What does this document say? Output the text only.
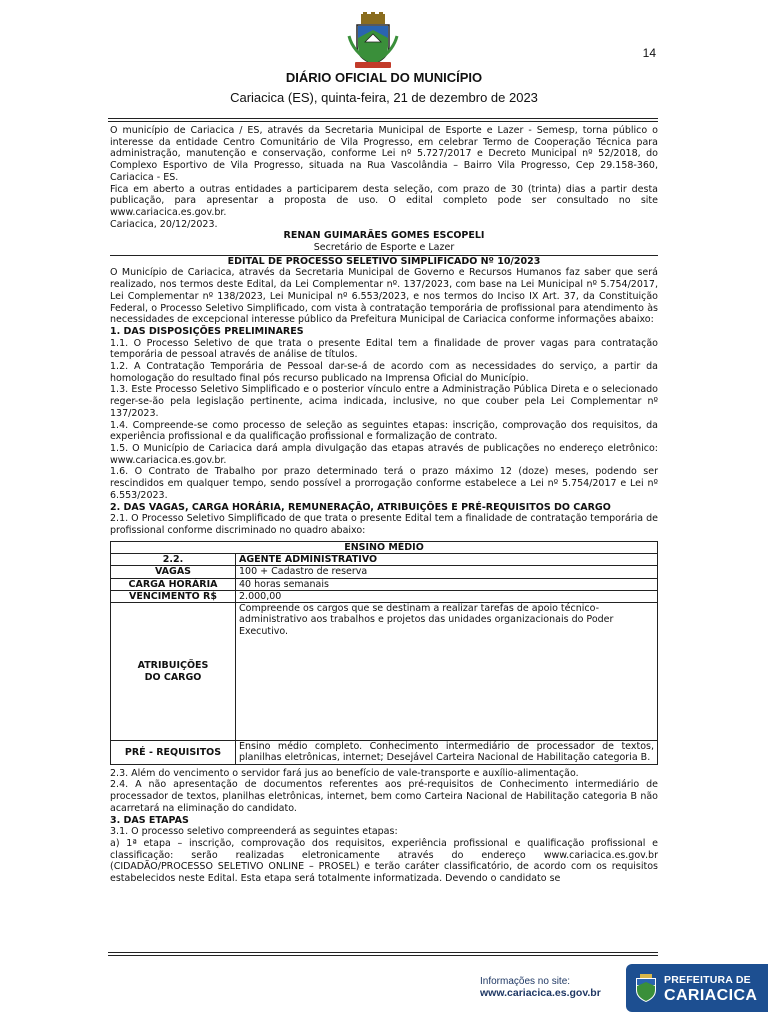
14
DIÁRIO OFICIAL DO MUNICÍPIO
Cariacica (ES), quinta-feira, 21 de dezembro de 2023

O município de Cariacica / ES, através da Secretaria Municipal de Esporte e Lazer - Semesp, torna público o interesse da entidade Centro Comunitário de Vila Progresso, em celebrar Termo de Cooperação Técnica para administração, manutenção e conservação, conforme Lei nº 5.727/2017 e Decreto Municipal nº 52/2018, do Complexo Esportivo de Vila Progresso, situada na Rua Vascolândia – Bairro Vila Progresso, Cep 29.158-360, Cariacica - ES.

Fica em aberto a outras entidades a participarem desta seleção, com prazo de 30 (trinta) dias a partir desta publicação, para apresentar a proposta de uso. O edital completo pode ser consultado no site www.cariacica.es.gov.br.

Cariacica, 20/12/2023.

RENAN GUIMARÃES GOMES ESCOPELI

Secretário de Esporte e Lazer

EDITAL DE PROCESSO SELETIVO SIMPLIFICADO Nº 10/2023

O Município de Cariacica, através da Secretaria Municipal de Governo e Recursos Humanos faz saber que será realizado, nos termos deste Edital, da Lei Complementar nº. 137/2023, com base na Lei Municipal nº 5.754/2017, Lei Complementar nº 138/2023, Lei Municipal nº 6.553/2023, e nos termos do Inciso IX Art. 37, da Constituição Federal, o Processo Seletivo Simplificado, com vista à contratação temporária de profissional para atendimento às necessidades de excepcional interesse público da Prefeitura Municipal de Cariacica conforme informações abaixo:

1. DAS DISPOSIÇÕES PRELIMINARES

1.1. O Processo Seletivo de que trata o presente Edital tem a finalidade de prover vagas para contratação temporária de pessoal através de análise de títulos.

1.2. A Contratação Temporária de Pessoal dar-se-á de acordo com as necessidades do serviço, a partir da homologação do resultado final pós recurso publicado na Imprensa Oficial do Município.

1.3. Este Processo Seletivo Simplificado e o posterior vínculo entre a Administração Pública Direta e o selecionado reger-se-ão pela legislação pertinente, acima indicada, inclusive, no que couber pela Lei Complementar nº 137/2023.

1.4. Compreende-se como processo de seleção as seguintes etapas: inscrição, comprovação dos requisitos, da experiência profissional e da qualificação profissional e formalização de contrato.

1.5. O Município de Cariacica dará ampla divulgação das etapas através de publicações no endereço eletrônico: www.cariacica.es.gov.br.

1.6. O Contrato de Trabalho por prazo determinado terá o prazo máximo 12 (doze) meses, podendo ser rescindidos em qualquer tempo, sendo possível a prorrogação conforme estabelece a Lei nº 5.754/2017 e Lei nº 6.553/2023.

2. DAS VAGAS, CARGA HORÁRIA, REMUNERAÇÃO, ATRIBUIÇÕES E PRÉ-REQUISITOS DO CARGO

2.1. O Processo Seletivo Simplificado de que trata o presente Edital tem a finalidade de contratação temporária de profissional conforme discriminado no quadro abaixo:

ENSINO MÉDIO	
2.2.	AGENTE ADMINISTRATIVO
VAGAS	100 + Cadastro de reserva
CARGA HORÁRIA	40 horas semanais
VENCIMENTO R$	2.000,00

ATRIBUIÇÕES
DO CARGO	Compreende os cargos que se destinam a realizar tarefas de apoio técnico-administrativo aos trabalhos e projetos das unidades organizacionais do Poder Executivo.
PRÉ - REQUISITOS	Ensino médio completo. Conhecimento intermediário de processador de textos, planilhas eletrônicas, internet; Desejável Carteira Nacional de Habilitação categoria B.

2.3. Além do vencimento o servidor fará jus ao benefício de vale-transporte e auxílio-alimentação.

2.4. A não apresentação de documentos referentes aos pré-requisitos de Conhecimento intermediário de processador de textos, planilhas eletrônicas, internet, bem como Carteira Nacional de Habilitação categoria B não acarretará na eliminação do candidato.

3. DAS ETAPAS

3.1. O processo seletivo compreenderá as seguintes etapas:

a) 1ª etapa – inscrição, comprovação dos requisitos, experiência profissional e qualificação profissional e classificação: serão realizadas eletronicamente através do endereço www.cariacica.es.gov.br (CIDADÃO/PROCESSO SELETIVO ONLINE – PROSEL) e terão caráter classificatório, de acordo com os requisitos estabelecidos neste Edital. Esta etapa será totalmente informatizada. Devendo o candidato se

Informações no site:
www.cariacica.es.gov.br
PREFEITURA DE
CARIACICA
